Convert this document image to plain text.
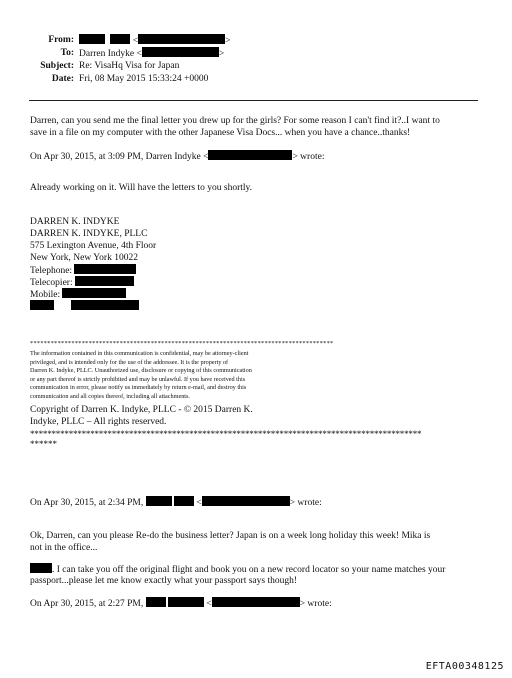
From:	<	>
To: Darren Indyke <	>
Subject: Re: VisaHq Visa for Japan
Date: Fri, 08 May 2015 15:33:24 +0000
Darren, can you send me the final letter you drew up for the girls? For some reason I can't find it?..I want to
save in a file on my computer with the other Japanese Visa Docs... when you have a chance..thanks!
On Apr 30, 2015, at 3:09 PM, Darren Indyke <	> wrote:
Already working on it. Will have the letters to you shortly.
DARREN K. INDYKE
DARREN K. INDYKE, PLLC
575 Lexington Avenue, 4th Floor
New York, New York 10022
Telephone:
Telecopier:
Mobile:
****************************************************************************************
The information contained in this communication is confidential, may be attorney-client
privileged, and is intended only for the use of the addressee. It is the property of
Darren K. Indyke, PLLC. Unauthorized use, disclosure or copying of this communication
or any part thereof is strictly prohibited and may be unlawful. If you have received this
communication in error, please notify us immediately by return e-mail, and destroy this
communication and all copies thereof, including all attachments.
Copyright of Darren K. Indyke, PLLC - © 2015 Darren K.
Indyke, PLLC – All rights reserved.
*******************************************************************************************
******
On Apr 30, 2015, at 2:34 PM,	<	> wrote:
Ok, Darren, can you please Re-do the business letter? Japan is on a week long holiday this week! Mika is
not in the office...
. I can take you off the original flight and book you on a new record locator so your name matches your
passport...please let me know exactly what your passport says though!
On Apr 30, 2015, at 2:27 PM,	<	> wrote:
EFTA00348125
